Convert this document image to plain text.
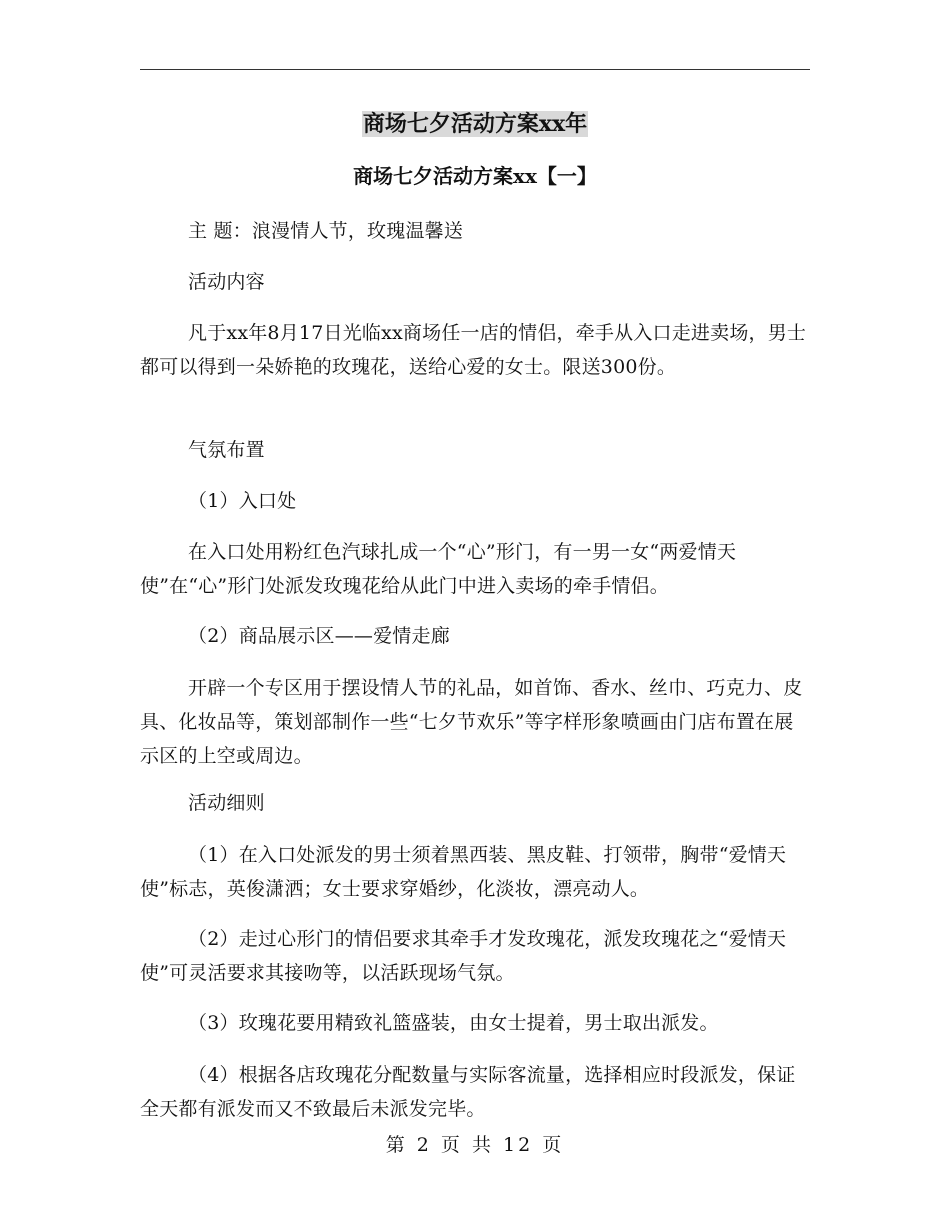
商场七夕活动方案xx年
商场七夕活动方案xx【一】

主 题：浪漫情人节，玫瑰温馨送

活动内容

凡于xx年8月17日光临xx商场任一店的情侣，牵手从入口走进卖场，男士都可以得到一朵娇艳的玫瑰花，送给心爱的女士。限送300份。

气氛布置

（1）入口处

在入口处用粉红色汽球扎成一个“心”形门，有一男一女“两爱情天使”在“心”形门处派发玫瑰花给从此门中进入卖场的牵手情侣。

（2）商品展示区——爱情走廊

开辟一个专区用于摆设情人节的礼品，如首饰、香水、丝巾、巧克力、皮具、化妆品等，策划部制作一些“七夕节欢乐”等字样形象喷画由门店布置在展示区的上空或周边。

活动细则

（1）在入口处派发的男士须着黑西装、黑皮鞋、打领带，胸带“爱情天使”标志，英俊潇洒；女士要求穿婚纱，化淡妆，漂亮动人。

（2）走过心形门的情侣要求其牵手才发玫瑰花，派发玫瑰花之“爱情天使”可灵活要求其接吻等，以活跃现场气氛。

（3）玫瑰花要用精致礼篮盛装，由女士提着，男士取出派发。

（4）根据各店玫瑰花分配数量与实际客流量，选择相应时段派发，保证全天都有派发而又不致最后未派发完毕。

第 2 页 共 12 页
